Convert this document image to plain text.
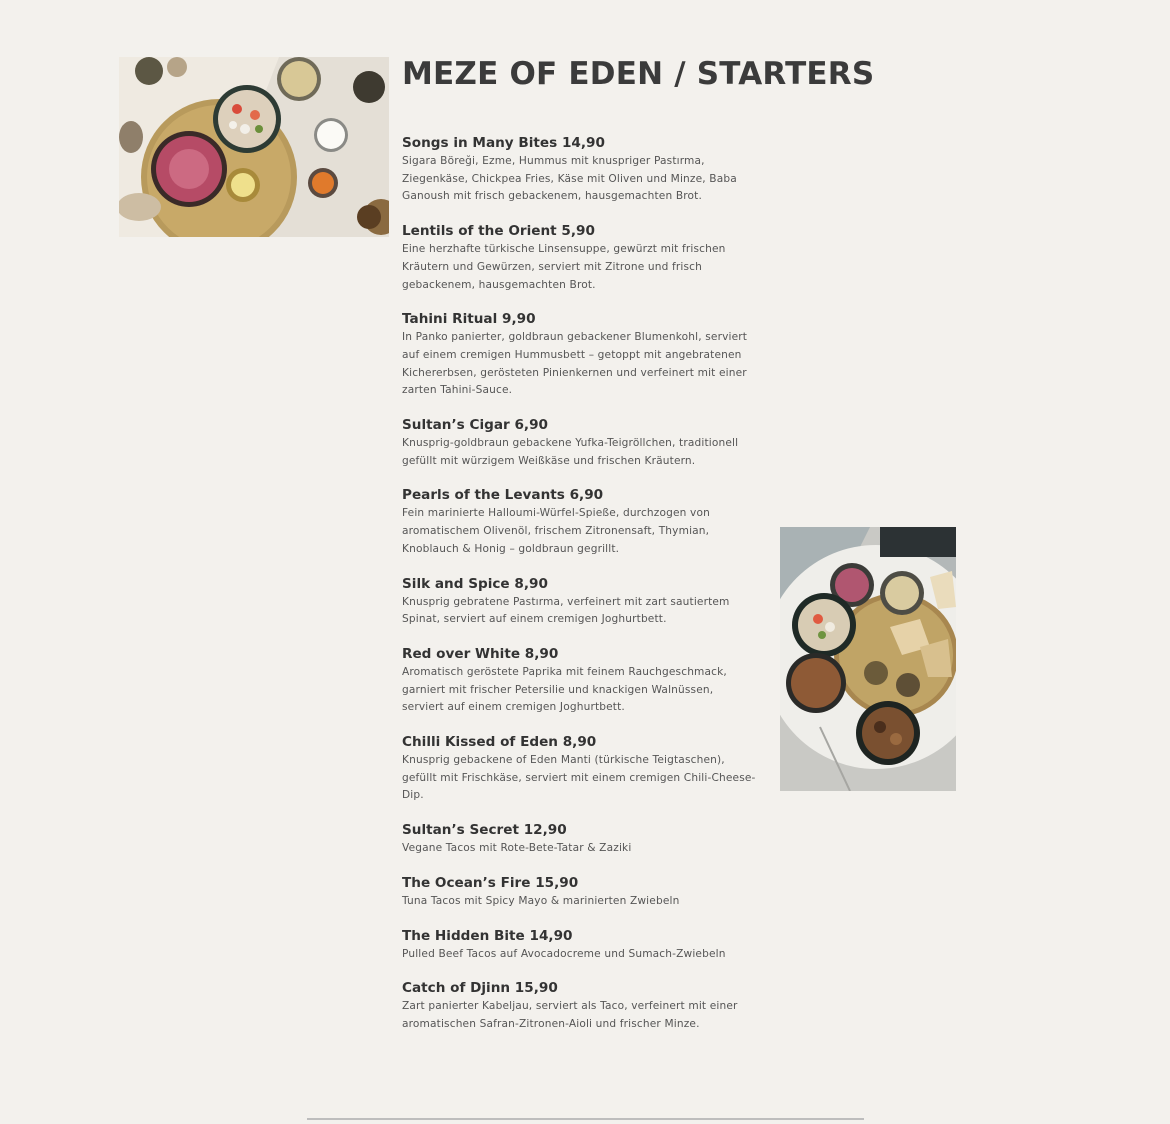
MEZE OF EDEN / STARTERS
Songs in Many Bites 14,90
Sigara Böreği, Ezme, Hummus mit knuspriger Pastırma,
Ziegenkäse, Chickpea Fries, Käse mit Oliven und Minze, Baba
Ganoush mit frisch gebackenem, hausgemachten Brot.
Lentils of the Orient 5,90
Eine herzhafte türkische Linsensuppe, gewürzt mit frischen
Kräutern und Gewürzen, serviert mit Zitrone und frisch
gebackenem, hausgemachten Brot.
Tahini Ritual 9,90
In Panko panierter, goldbraun gebackener Blumenkohl, serviert
auf einem cremigen Hummusbett – getoppt mit angebratenen
Kichererbsen, gerösteten Pinienkernen und verfeinert mit einer
zarten Tahini-Sauce.
Sultan’s Cigar 6,90
Knusprig-goldbraun gebackene Yufka-Teigröllchen, traditionell
gefüllt mit würzigem Weißkäse und frischen Kräutern.
Pearls of the Levants 6,90
Fein marinierte Halloumi-Würfel-Spieße, durchzogen von
aromatischem Olivenöl, frischem Zitronensaft, Thymian,
Knoblauch & Honig – goldbraun gegrillt.
Silk and Spice 8,90
Knusprig gebratene Pastırma, verfeinert mit zart sautiertem
Spinat, serviert auf einem cremigen Joghurtbett.
Red over White 8,90
Aromatisch geröstete Paprika mit feinem Rauchgeschmack,
garniert mit frischer Petersilie und knackigen Walnüssen,
serviert auf einem cremigen Joghurtbett.
Chilli Kissed of Eden 8,90
Knusprig gebackene of Eden Manti (türkische Teigtaschen),
gefüllt mit Frischkäse, serviert mit einem cremigen Chili-Cheese-
Dip.
Sultan’s Secret 12,90
Vegane Tacos mit Rote-Bete-Tatar & Zaziki
The Ocean’s Fire 15,90
Tuna Tacos mit Spicy Mayo & marinierten Zwiebeln
The Hidden Bite 14,90
Pulled Beef Tacos auf Avocadocreme und Sumach-Zwiebeln
Catch of Djinn 15,90
Zart panierter Kabeljau, serviert als Taco, verfeinert mit einer
aromatischen Safran-Zitronen-Aioli und frischer Minze.
